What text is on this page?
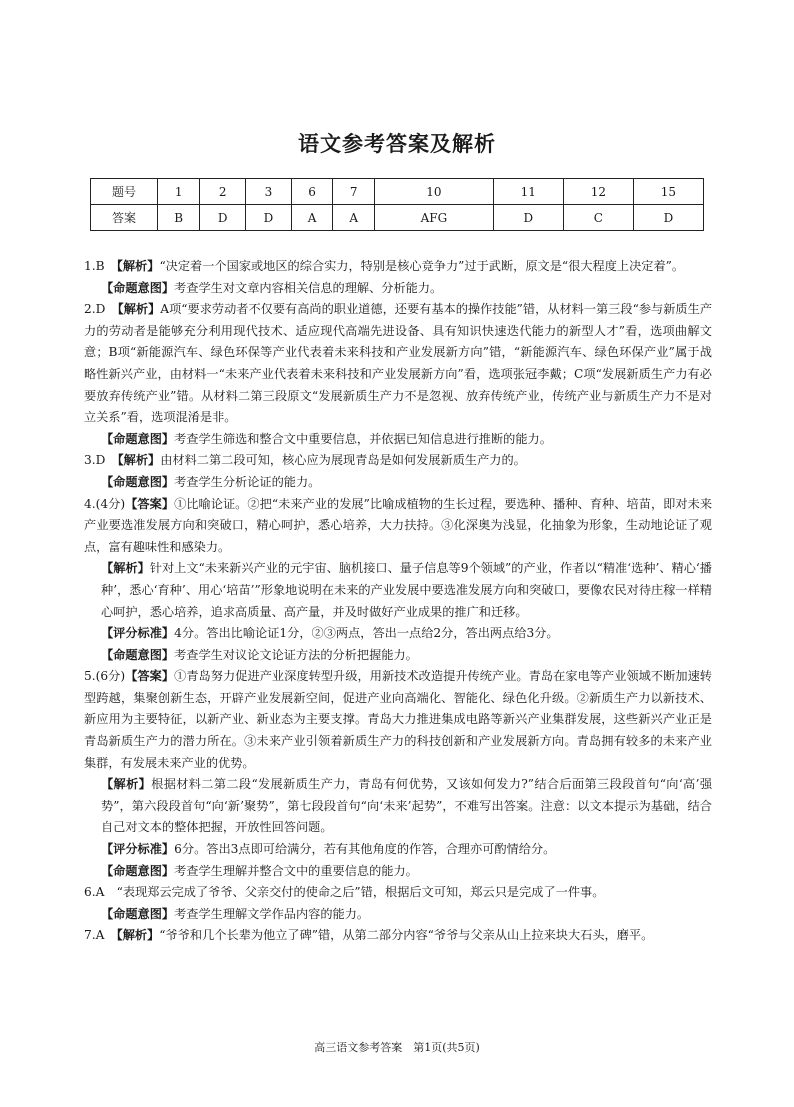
语文参考答案及解析
题号	1	2	3	6	7	10	11	12	15
答案	B	D	D	A	A	AFG	D	C	D

1.B　【解析】“决定着一个国家或地区的综合实力，特别是核心竞争力”过于武断，原文是“很大程度上决定着”。

【命题意图】考查学生对文章内容相关信息的理解、分析能力。

2.D　【解析】A项“要求劳动者不仅要有高尚的职业道德，还要有基本的操作技能”错，从材料一第三段“参与新质生产力的劳动者是能够充分利用现代技术、适应现代高端先进设备、具有知识快速迭代能力的新型人才”看，选项曲解文意；B项“新能源汽车、绿色环保等产业代表着未来科技和产业发展新方向”错，“新能源汽车、绿色环保产业”属于战略性新兴产业，由材料一“未来产业代表着未来科技和产业发展新方向”看，选项张冠李戴；C项“发展新质生产力有必要放弃传统产业”错。从材料二第三段原文“发展新质生产力不是忽视、放弃传统产业，传统产业与新质生产力不是对立关系”看，选项混淆是非。

【命题意图】考查学生筛选和整合文中重要信息，并依据已知信息进行推断的能力。

3.D　【解析】由材料二第二段可知，核心应为展现青岛是如何发展新质生产力的。

【命题意图】考查学生分析论证的能力。

4.(4分)【答案】①比喻论证。②把“未来产业的发展”比喻成植物的生长过程，要选种、播种、育种、培苗，即对未来产业要选准发展方向和突破口，精心呵护，悉心培养，大力扶持。③化深奥为浅显，化抽象为形象，生动地论证了观点，富有趣味性和感染力。

【解析】针对上文“未来新兴产业的元宇宙、脑机接口、量子信息等9个领域”的产业，作者以“精准‘选种’、精心‘播种’，悉心‘育种’、用心‘培苗’”形象地说明在未来的产业发展中要选准发展方向和突破口，要像农民对待庄稼一样精心呵护，悉心培养，追求高质量、高产量，并及时做好产业成果的推广和迁移。

【评分标准】4分。答出比喻论证1分，②③两点，答出一点给2分，答出两点给3分。

【命题意图】考查学生对议论文论证方法的分析把握能力。

5.(6分)【答案】①青岛努力促进产业深度转型升级，用新技术改造提升传统产业。青岛在家电等产业领域不断加速转型跨越，集聚创新生态，开辟产业发展新空间，促进产业向高端化、智能化、绿色化升级。②新质生产力以新技术、新应用为主要特征，以新产业、新业态为主要支撑。青岛大力推进集成电路等新兴产业集群发展，这些新兴产业正是青岛新质生产力的潜力所在。③未来产业引领着新质生产力的科技创新和产业发展新方向。青岛拥有较多的未来产业集群，有发展未来产业的优势。

【解析】根据材料二第二段“发展新质生产力，青岛有何优势，又该如何发力?”结合后面第三段段首句“向‘高’强势”，第六段段首句“向‘新’聚势”，第七段段首句“向‘未来’起势”，不难写出答案。注意：以文本提示为基础，结合自己对文本的整体把握，开放性回答问题。

【评分标准】6分。答出3点即可给满分，若有其他角度的作答，合理亦可酌情给分。

【命题意图】考查学生理解并整合文中的重要信息的能力。

6.A　“表现郑云完成了爷爷、父亲交付的使命之后”错，根据后文可知，郑云只是完成了一件事。

【命题意图】考查学生理解文学作品内容的能力。

7.A　【解析】“爷爷和几个长辈为他立了碑”错，从第二部分内容“爷爷与父亲从山上拉来块大石头，磨平。

高三语文参考答案　第1页(共5页)
